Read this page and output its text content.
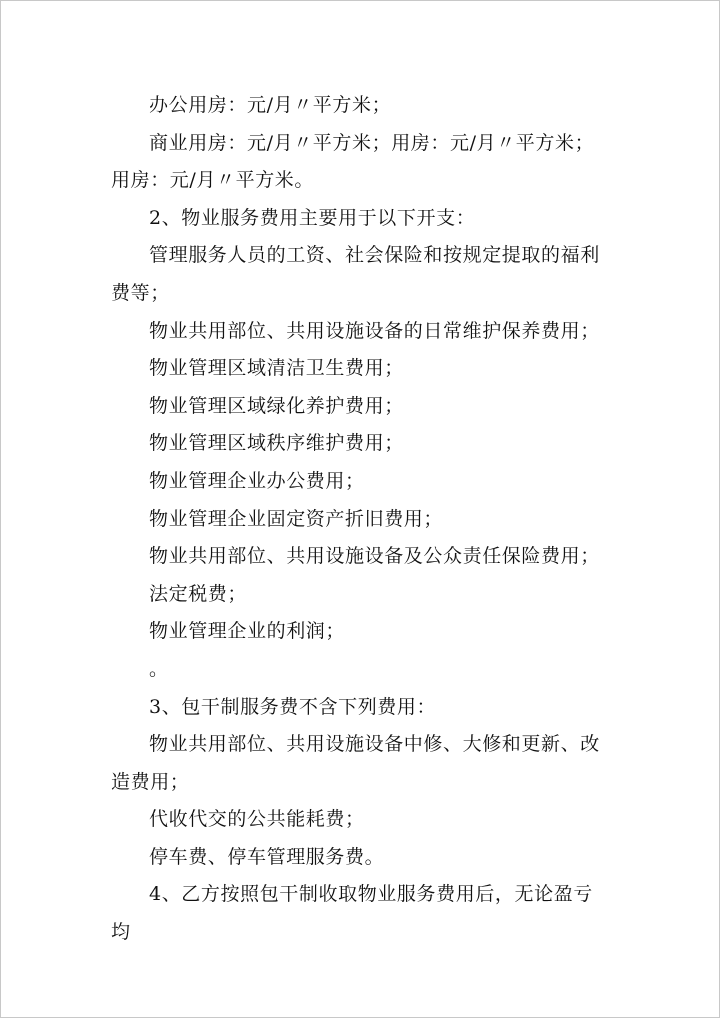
办公用房：元/月〃平方米；

商业用房：元/月〃平方米；用房：元/月〃平方米；用房：元/月〃平方米。

2、物业服务费用主要用于以下开支：

管理服务人员的工资、社会保险和按规定提取的福利费等；

物业共用部位、共用设施设备的日常维护保养费用；

物业管理区域清洁卫生费用；

物业管理区域绿化养护费用；

物业管理区域秩序维护费用；

物业管理企业办公费用；

物业管理企业固定资产折旧费用；

物业共用部位、共用设施设备及公众责任保险费用；

法定税费；

物业管理企业的利润；

。

3、包干制服务费不含下列费用：

物业共用部位、共用设施设备中修、大修和更新、改造费用；

代收代交的公共能耗费；

停车费、停车管理服务费。

4、乙方按照包干制收取物业服务费用后，无论盈亏均
